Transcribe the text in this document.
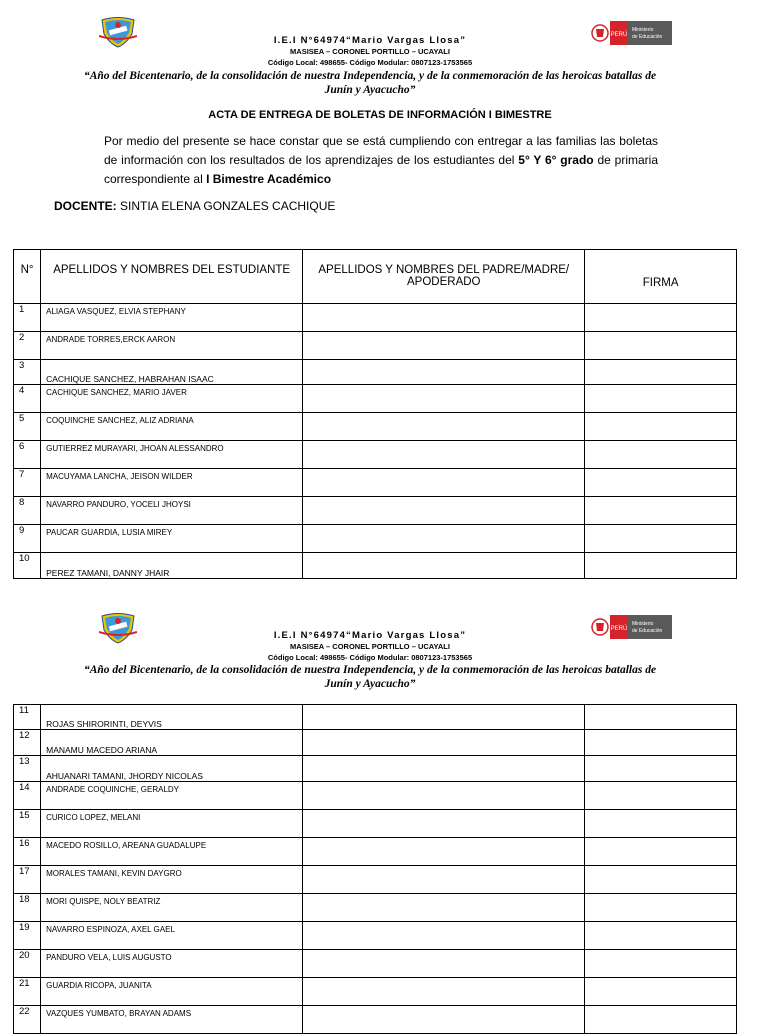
PERÚ
Ministerio
de Educación
I.E.I N°64974“Mario Vargas Llosa”
MASISEA – CORONEL PORTILLO – UCAYALI
Código Local: 498655- Código Modular: 0807123-1753565
“Año del Bicentenario, de la consolidación de nuestra Independencia, y de la conmemoración de las heroicas batallas de
Junín y Ayacucho”
ACTA DE ENTREGA DE BOLETAS DE INFORMACIÓN I BIMESTRE
Por medio del presente se hace constar que se está cumpliendo con entregar a las familias las boletas de información con los resultados de los aprendizajes de los estudiantes del 5° Y 6° grado de primaria correspondiente al I Bimestre Académico
DOCENTE: SINTIA ELENA GONZALES CACHIQUE
N°	APELLIDOS Y NOMBRES DEL ESTUDIANTE	APELLIDOS Y NOMBRES DEL PADRE/MADRE/ APODERADO	FIRMA
1	ALIAGA VASQUEZ, ELVIA STEPHANY		
2	ANDRADE TORRES,ERCK AARON		
3	CACHIQUE SANCHEZ, HABRAHAN ISAAC		
4	CACHIQUE SANCHEZ, MARIO JAVER		
5	COQUINCHE SANCHEZ, ALIZ ADRIANA		
6	GUTIERREZ MURAYARI, JHOAN ALESSANDRO		
7	MACUYAMA LANCHA, JEISON WILDER		
8	NAVARRO PANDURO, YOCELI JHOYSI		
9	PAUCAR GUARDIA, LUSIA MIREY		
10	PEREZ TAMANI, DANNY JHAIR		
PERÚ
Ministerio
de Educación
I.E.I N°64974“Mario Vargas Llosa”
MASISEA – CORONEL PORTILLO – UCAYALI
Código Local: 498655- Código Modular: 0807123-1753565
“Año del Bicentenario, de la consolidación de nuestra Independencia, y de la conmemoración de las heroicas batallas de
Junín y Ayacucho”
11	ROJAS SHIRORINTI, DEYVIS		
12	MANAMU MACEDO ARIANA		
13	AHUANARI TAMANI, JHORDY NICOLAS		
14	ANDRADE COQUINCHE, GERALDY		
15	CURICO LOPEZ, MELANI		
16	MACEDO ROSILLO, AREANA GUADALUPE		
17	MORALES TAMANI, KEVIN DAYGRO		
18	MORI QUISPE, NOLY BEATRIZ		
19	NAVARRO ESPINOZA, AXEL GAEL		
20	PANDURO VELA, LUIS AUGUSTO		
21	GUARDIA RICOPA, JUANITA		
22	VAZQUES YUMBATO, BRAYAN ADAMS		
